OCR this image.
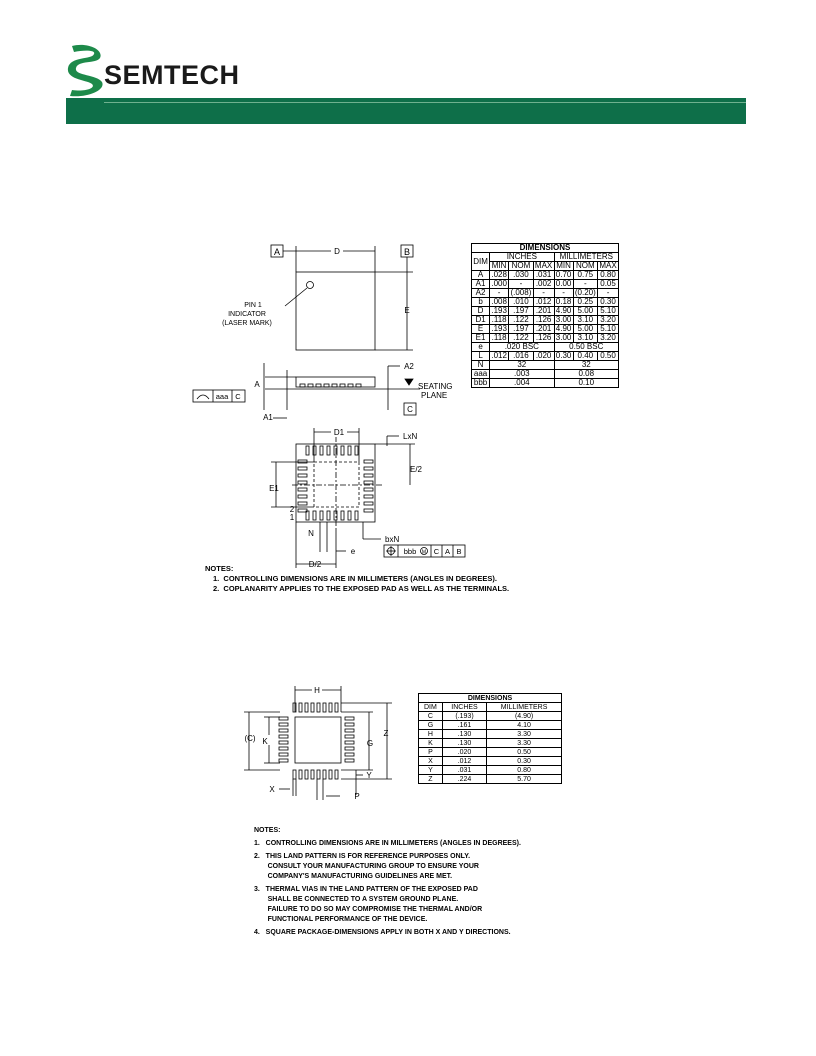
SEMTECH
A	B
D
PIN 1
INDICATOR
(LASER MARK)
E
A
A1
A2
SEATING
PLANE
C
aaa C
D1	LxN
E/2
E1
2
1
N
e
D/2
bxN
bbb M C A B
DIMENSIONS						
DIM	INCHES			MILLIMETERS		
	MIN	NOM	MAX	MIN	NOM	MAX
A	.028	.030	.031	0.70	0.75	0.80
A1	.000	-	.002	0.00	-	0.05
A2	-	(.008)	-	-	(0.20)	-
b	.008	.010	.012	0.18	0.25	0.30
D	.193	.197	.201	4.90	5.00	5.10
D1	.118	.122	.126	3.00	3.10	3.20
E	.193	.197	.201	4.90	5.00	5.10
E1	.118	.122	.126	3.00	3.10	3.20
e	.020 BSC			0.50 BSC		
L	.012	.016	.020	0.30	0.40	0.50
N	32			32		
aaa	.003			0.08		
bbb	.004			0.10		
NOTES:
1.  CONTROLLING DIMENSIONS ARE IN MILLIMETERS (ANGLES IN DEGREES).
2.  COPLANARITY APPLIES TO THE EXPOSED PAD AS WELL AS THE TERMINALS.
H
(C) K	G
Z
Y
X
P
DIMENSIONS		
DIM	INCHES	MILLIMETERS
C	(.193)	(4.90)
G	.161	4.10
H	.130	3.30
K	.130	3.30
P	.020	0.50
X	.012	0.30
Y	.031	0.80
Z	.224	5.70
NOTES:
1.   CONTROLLING DIMENSIONS ARE IN MILLIMETERS (ANGLES IN DEGREES).
2.   THIS LAND PATTERN IS FOR REFERENCE PURPOSES ONLY.
CONSULT YOUR MANUFACTURING GROUP TO ENSURE YOUR
COMPANY'S MANUFACTURING GUIDELINES ARE MET.
3.   THERMAL VIAS IN THE LAND PATTERN OF THE EXPOSED PAD
SHALL BE CONNECTED TO A SYSTEM GROUND PLANE.
FAILURE TO DO SO MAY COMPROMISE THE THERMAL AND/OR
FUNCTIONAL PERFORMANCE OF THE DEVICE.
4.   SQUARE PACKAGE-DIMENSIONS APPLY IN BOTH X AND Y DIRECTIONS.
